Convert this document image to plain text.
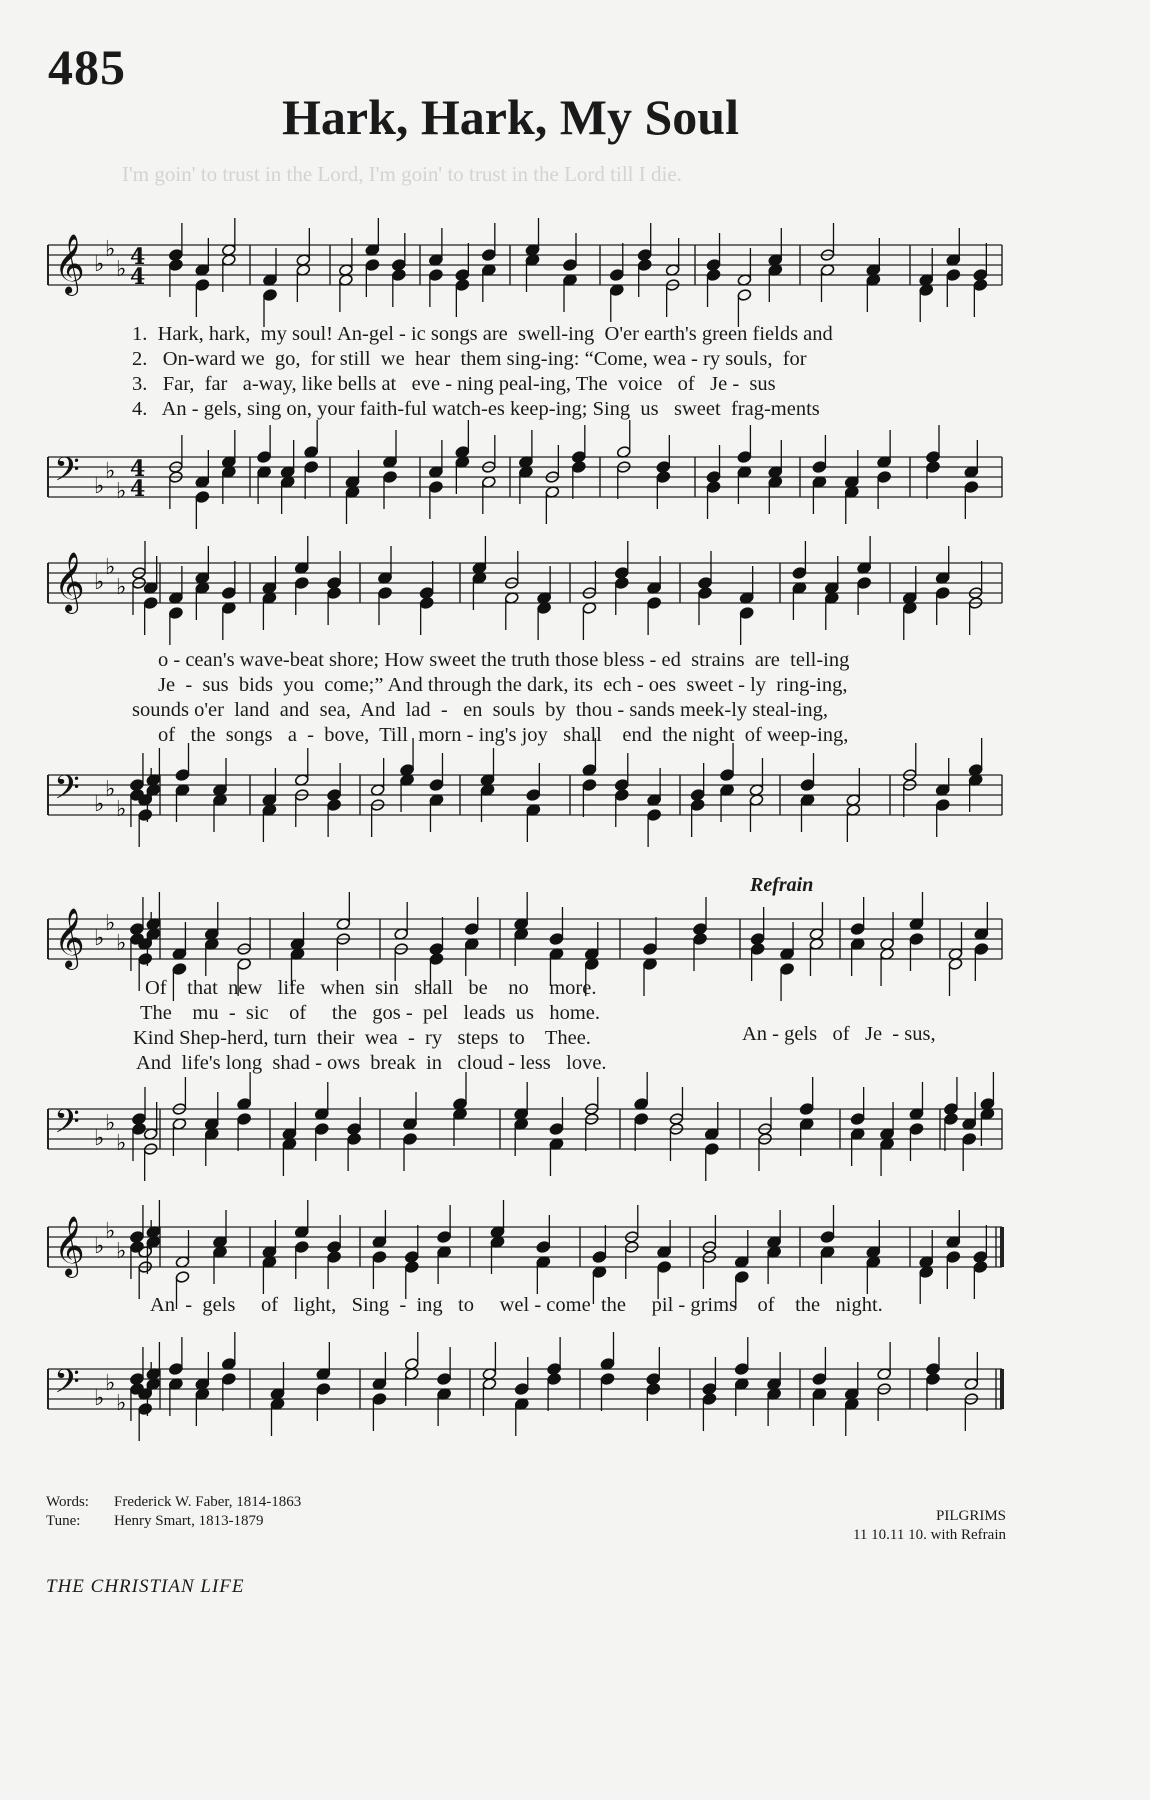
I'm goin' to trust in the Lord, I'm goin' to trust in the Lord till I die.
485
Hark, Hark, My Soul
𝄞 ♭
♭
♭ 4
4
1.  Hark, hark,  my soul! An-gel - ic songs are  swell-ing  O'er earth's green fields and
2.   On-ward we  go,  for still  we  hear  them sing-ing: “Come, wea - ry souls,  for
3.   Far,  far   a-way, like bells at   eve - ning peal-ing, The  voice   of   Je -  sus
4.   An - gels, sing on, your faith-ful watch-es keep-ing; Sing  us   sweet  frag-ments
𝄢 ♭
♭
♭
4
4
𝄞 ♭
♭
♭
o - cean's wave-beat shore; How sweet the truth those bless - ed  strains  are  tell-ing
Je  -  sus  bids  you  come;” And through the dark, its  ech - oes  sweet - ly  ring-ing,
sounds o'er  land  and  sea,  And  lad  -   en  souls  by  thou - sands meek-ly steal-ing,
of   the  songs   a  -  bove,  Till  morn - ing's joy   shall    end  the night  of weep-ing,
𝄢 ♭
♭
♭
Refrain
𝄞 ♭
♭
♭
Of    that  new   life   when  sin   shall   be    no    more.
The    mu  -  sic    of     the   gos -  pel   leads  us   home.
Kind Shep-herd, turn  their  wea  -  ry   steps  to    Thee.
And  life's long  shad - ows  break  in   cloud - less   love.
An - gels   of   Je  - sus,
𝄢 ♭
♭
♭
𝄞 ♭
♭
♭
An  -  gels     of   light,   Sing  -  ing   to     wel - come  the     pil - grims    of    the   night.
𝄢 ♭
♭
♭
Words: Frederick W. Faber, 1814-1863
Tune: Henry Smart, 1813-1879	PILGRIMS
11 10.11 10. with Refrain
THE CHRISTIAN LIFE
